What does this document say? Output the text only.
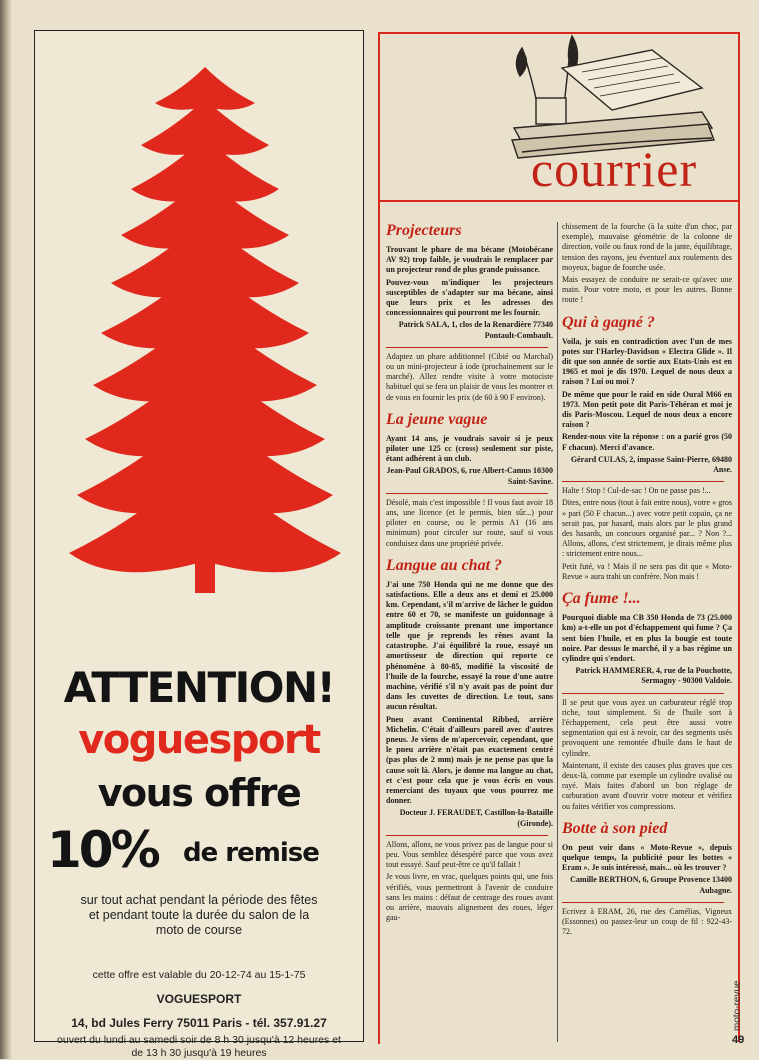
ATTENTION!
voguesport
vous offre
10% de remise
sur tout achat pendant la période des fêtes et pendant toute la durée du salon de la moto de course
cette offre est valable du 20-12-74 au 15-1-75
VOGUESPORT
14, bd Jules Ferry 75011 Paris - tél. 357.91.27
ouvert du lundi au samedi soir de 8 h 30 jusqu'à 12 heures et de 13 h 30 jusqu'à 19 heures
courrier
Projecteurs

Trouvant le phare de ma bécane (Motobécane AV 92) trop faible, je voudrais le remplacer par un projecteur rond de plus grande puissance.

Pouvez-vous m'indiquer les projecteurs susceptibles de s'adapter sur ma bécane, ainsi que leurs prix et les adresses des concessionnaires qui pourront me les fournir.

Patrick SALA, 1, clos de la Renardière 77340 Pontault-Combault.

Adaptez un phare additionnel (Cibié ou Marchal) ou un mini-projecteur à iode (prochainement sur le marché). Allez rendre visite à votre motociste habituel qui se fera un plaisir de vous les montrer et de vous en fournir les prix (de 60 à 90 F environ).

La jeune vague

Ayant 14 ans, je voudrais savoir si je peux piloter une 125 cc (cross) seulement sur piste, étant adhérent à un club.

Jean-Paul GRADOS, 6, rue Albert-Camus 10300 Saint-Savine.

Désolé, mais c'est impossible ! Il vous faut avoir 18 ans, une licence (et le permis, bien sûr...) pour piloter en course, ou le permis A1 (16 ans minimum) pour circuler sur route, sauf si vous conduisez dans une propriété privée.

Langue au chat ?

J'ai une 750 Honda qui ne me donne que des satisfactions. Elle a deux ans et demi et 25.000 km. Cependant, s'il m'arrive de lâcher le guidon entre 60 et 70, se manifeste un guidonnage à amplitude croissante prenant une importance telle que je reprends les rênes avant la catastrophe. J'ai équilibré la roue, essayé un amortisseur de direction qui reporte ce phénomène à 80-85, modifié la viscosité de l'huile de la fourche, essayé la roue d'une autre machine, vérifié s'il n'y avait pas de point dur dans les cuvettes de direction. Le tout, sans aucun résultat.

Pneu avant Continental Ribbed, arrière Michelin. C'était d'ailleurs pareil avec d'autres pneus. Je viens de m'apercevoir, cependant, que le pneu arrière n'était pas exactement centré (pas plus de 2 mm) mais je ne pense pas que la cause soit là. Alors, je donne ma langue au chat, et c'est pour cela que je vous écris en vous remerciant des tuyaux que vous pourrez me donner.

Docteur J. FERAUDET, Castillon-la-Bataille (Gironde).

Allons, allons, ne vous privez pas de langue pour si peu. Vous semblez désespéré parce que vous avez tout essayé. Sauf peut-être ce qu'il fallait !

Je vous livre, en vrac, quelques points qui, une fois vérifiés, vous permettront à l'avenir de conduire sans les mains : défaut de centrage des roues avant ou arrière, mauvais alignement des roues, léger gau-

chissement de la fourche (à la suite d'un choc, par exemple), mauvaise géométrie de la colonne de direction, voile ou faux rond de la jante, équilibrage, tension des rayons, jeu éventuel aux roulements des moyeux, bague de fourche usée.

Mais essayez de conduire ne serait-ce qu'avec une main. Pour votre moto, et pour les autres. Bonne route !

Qui à gagné ?

Voila, je suis en contradiction avec l'un de mes potes sur l'Harley-Davidson « Electra Glide ». Il dit que son année de sortie aux Etats-Unis est en 1965 et moi je dis 1970. Lequel de nous deux a raison ? Lui ou moi ?

De même que pour le raid en side Oural M66 en 1973. Mon petit pote dit Paris-Téhéran et moi je dis Paris-Moscou. Lequel de nous deux a encore raison ?

Rendez-nous vite la réponse : on a parié gros (50 F chacun). Merci d'avance.

Gérard CULAS, 2, impasse Saint-Pierre, 69480 Anse.

Halte ! Stop ! Cul-de-sac ! On ne passe pas !...

Dites, entre nous (tout à fait entre nous), votre « gros » pari (50 F chacun...) avec votre petit copain, ça ne serait pas, par hasard, mais alors par le plus grand des hasards, un concours organisé par... ? Non ?... Allons, allons, c'est strictement, je dirais même plus : strictement entre nous...

Petit futé, va ! Mais il ne sera pas dit que « Moto-Revue » aura trahi un confrère. Non mais !

Ça fume !...

Pourquoi diable ma CB 350 Honda de 73 (25.000 km) a-t-elle un pot d'échappement qui fume ? Ça sent bien l'huile, et en plus la bougie est toute noire. Par dessus le marché, il y a bas régime un cylindre qui s'endort.

Patrick HAMMERER, 4, rue de la Pouchotte, Sermagny - 90300 Valdoie.

Il se peut que vous ayez un carburateur réglé trop riche, tout simplement. Si de l'huile sort à l'échappement, cela peut être aussi votre segmentation qui est à revoir, car des segments usés provoquent une remontée d'huile dans le haut de cylindre.

Maintenant, il existe des causes plus graves que ces deux-là, comme par exemple un cylindre ovalisé ou rayé. Mais faites d'abord un bon réglage de carburation avant d'ouvrir votre moteur et vérifiez ou faites vérifier vos compressions.

Botte à son pied

On peut voir dans « Moto-Revue », depuis quelque temps, la publicité pour les bottes « Eram ». Je suis intéressé, mais... où les trouver ?

Camille BERTHON, 6, Groupe Provence 13400 Aubagne.

Ecrivez à ERAM, 26, rue des Camélias, Vigneux (Essonnes) ou passez-leur un coup de fil : 922-43-72.

moto-revue
49
